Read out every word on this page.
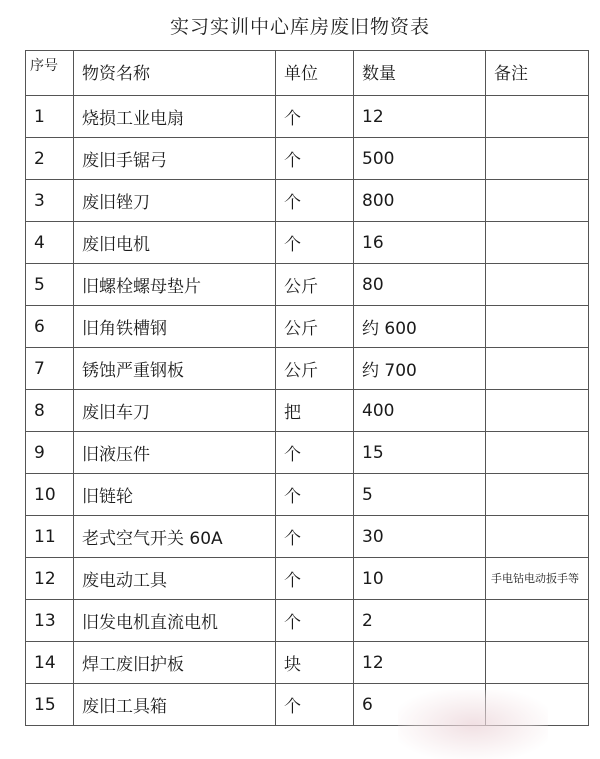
实习实训中心库房废旧物资表
序号	物资名称	单位	数量	备注
1	烧损工业电扇	个	12	
2	废旧手锯弓	个	500	
3	废旧锉刀	个	800	
4	废旧电机	个	16	
5	旧螺栓螺母垫片	公斤	80	
6	旧角铁槽钢	公斤	约 600	
7	锈蚀严重钢板	公斤	约 700	
8	废旧车刀	把	400	
9	旧液压件	个	15	
10	旧链轮	个	5	
11	老式空气开关 60A	个	30	
12	废电动工具	个	10	手电钻电动扳手等
13	旧发电机直流电机	个	2	
14	焊工废旧护板	块	12	
15	废旧工具箱	个	6	
